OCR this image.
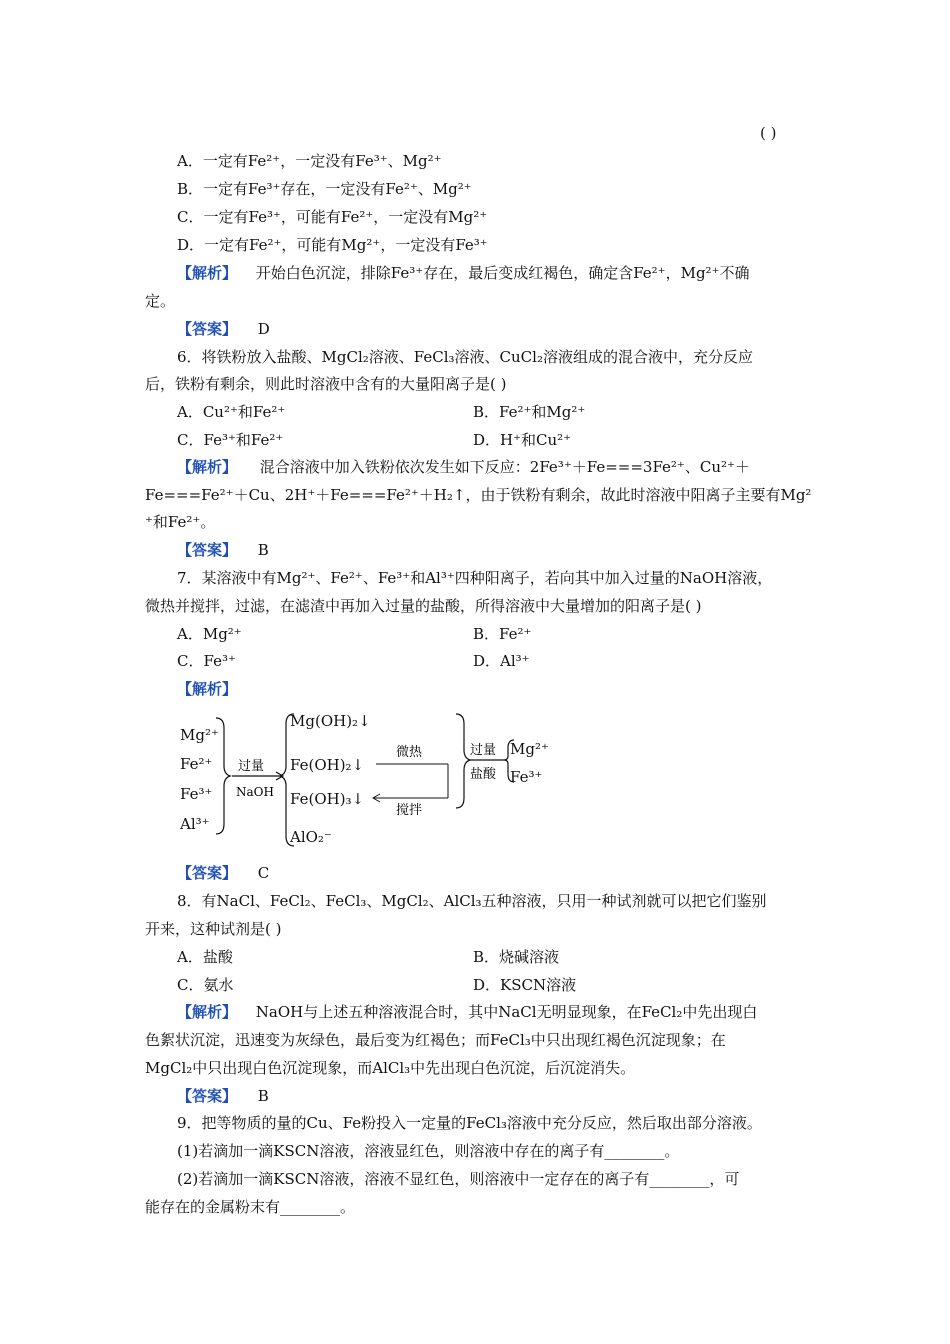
( )
A．一定有Fe²⁺，一定没有Fe³⁺、Mg²⁺
B．一定有Fe³⁺存在，一定没有Fe²⁺、Mg²⁺
C．一定有Fe³⁺，可能有Fe²⁺，一定没有Mg²⁺
D．一定有Fe²⁺，可能有Mg²⁺，一定没有Fe³⁺
【解析】 开始白色沉淀，排除Fe³⁺存在，最后变成红褐色，确定含Fe²⁺，Mg²⁺不确
定。
【答案】 D
6．将铁粉放入盐酸、MgCl₂溶液、FeCl₃溶液、CuCl₂溶液组成的混合液中，充分反应
后，铁粉有剩余，则此时溶液中含有的大量阳离子是( )
A．Cu²⁺和Fe²⁺	B．Fe²⁺和Mg²⁺
C．Fe³⁺和Fe²⁺	D．H⁺和Cu²⁺
【解析】 混合溶液中加入铁粉依次发生如下反应：2Fe³⁺＋Fe===3Fe²⁺、Cu²⁺＋
Fe===Fe²⁺＋Cu、2H⁺＋Fe===Fe²⁺＋H₂↑，由于铁粉有剩余，故此时溶液中阳离子主要有Mg²
⁺和Fe²⁺。
【答案】 B
7．某溶液中有Mg²⁺、Fe²⁺、Fe³⁺和Al³⁺四种阳离子，若向其中加入过量的NaOH溶液，
微热并搅拌，过滤，在滤渣中再加入过量的盐酸，所得溶液中大量增加的阳离子是( )
A．Mg²⁺	B．Fe²⁺
C．Fe³⁺	D．Al³⁺
【解析】
Mg²⁺
Fe²⁺
Fe³⁺
Al³⁺
过量
NaOH
Mg(OH)₂↓
Fe(OH)₂↓
Fe(OH)₃↓
AlO₂⁻
微热
搅拌
过量
盐酸
Mg²⁺
Fe³⁺
【答案】 C
8．有NaCl、FeCl₂、FeCl₃、MgCl₂、AlCl₃五种溶液，只用一种试剂就可以把它们鉴别
开来，这种试剂是( )
A．盐酸	B．烧碱溶液
C．氨水	D．KSCN溶液
【解析】 NaOH与上述五种溶液混合时，其中NaCl无明显现象，在FeCl₂中先出现白
色絮状沉淀，迅速变为灰绿色，最后变为红褐色；而FeCl₃中只出现红褐色沉淀现象；在
MgCl₂中只出现白色沉淀现象，而AlCl₃中先出现白色沉淀，后沉淀消失。
【答案】 B
9．把等物质的量的Cu、Fe粉投入一定量的FeCl₃溶液中充分反应，然后取出部分溶液。
(1)若滴加一滴KSCN溶液，溶液显红色，则溶液中存在的离子有________。
(2)若滴加一滴KSCN溶液，溶液不显红色，则溶液中一定存在的离子有________，可
能存在的金属粉末有________。
